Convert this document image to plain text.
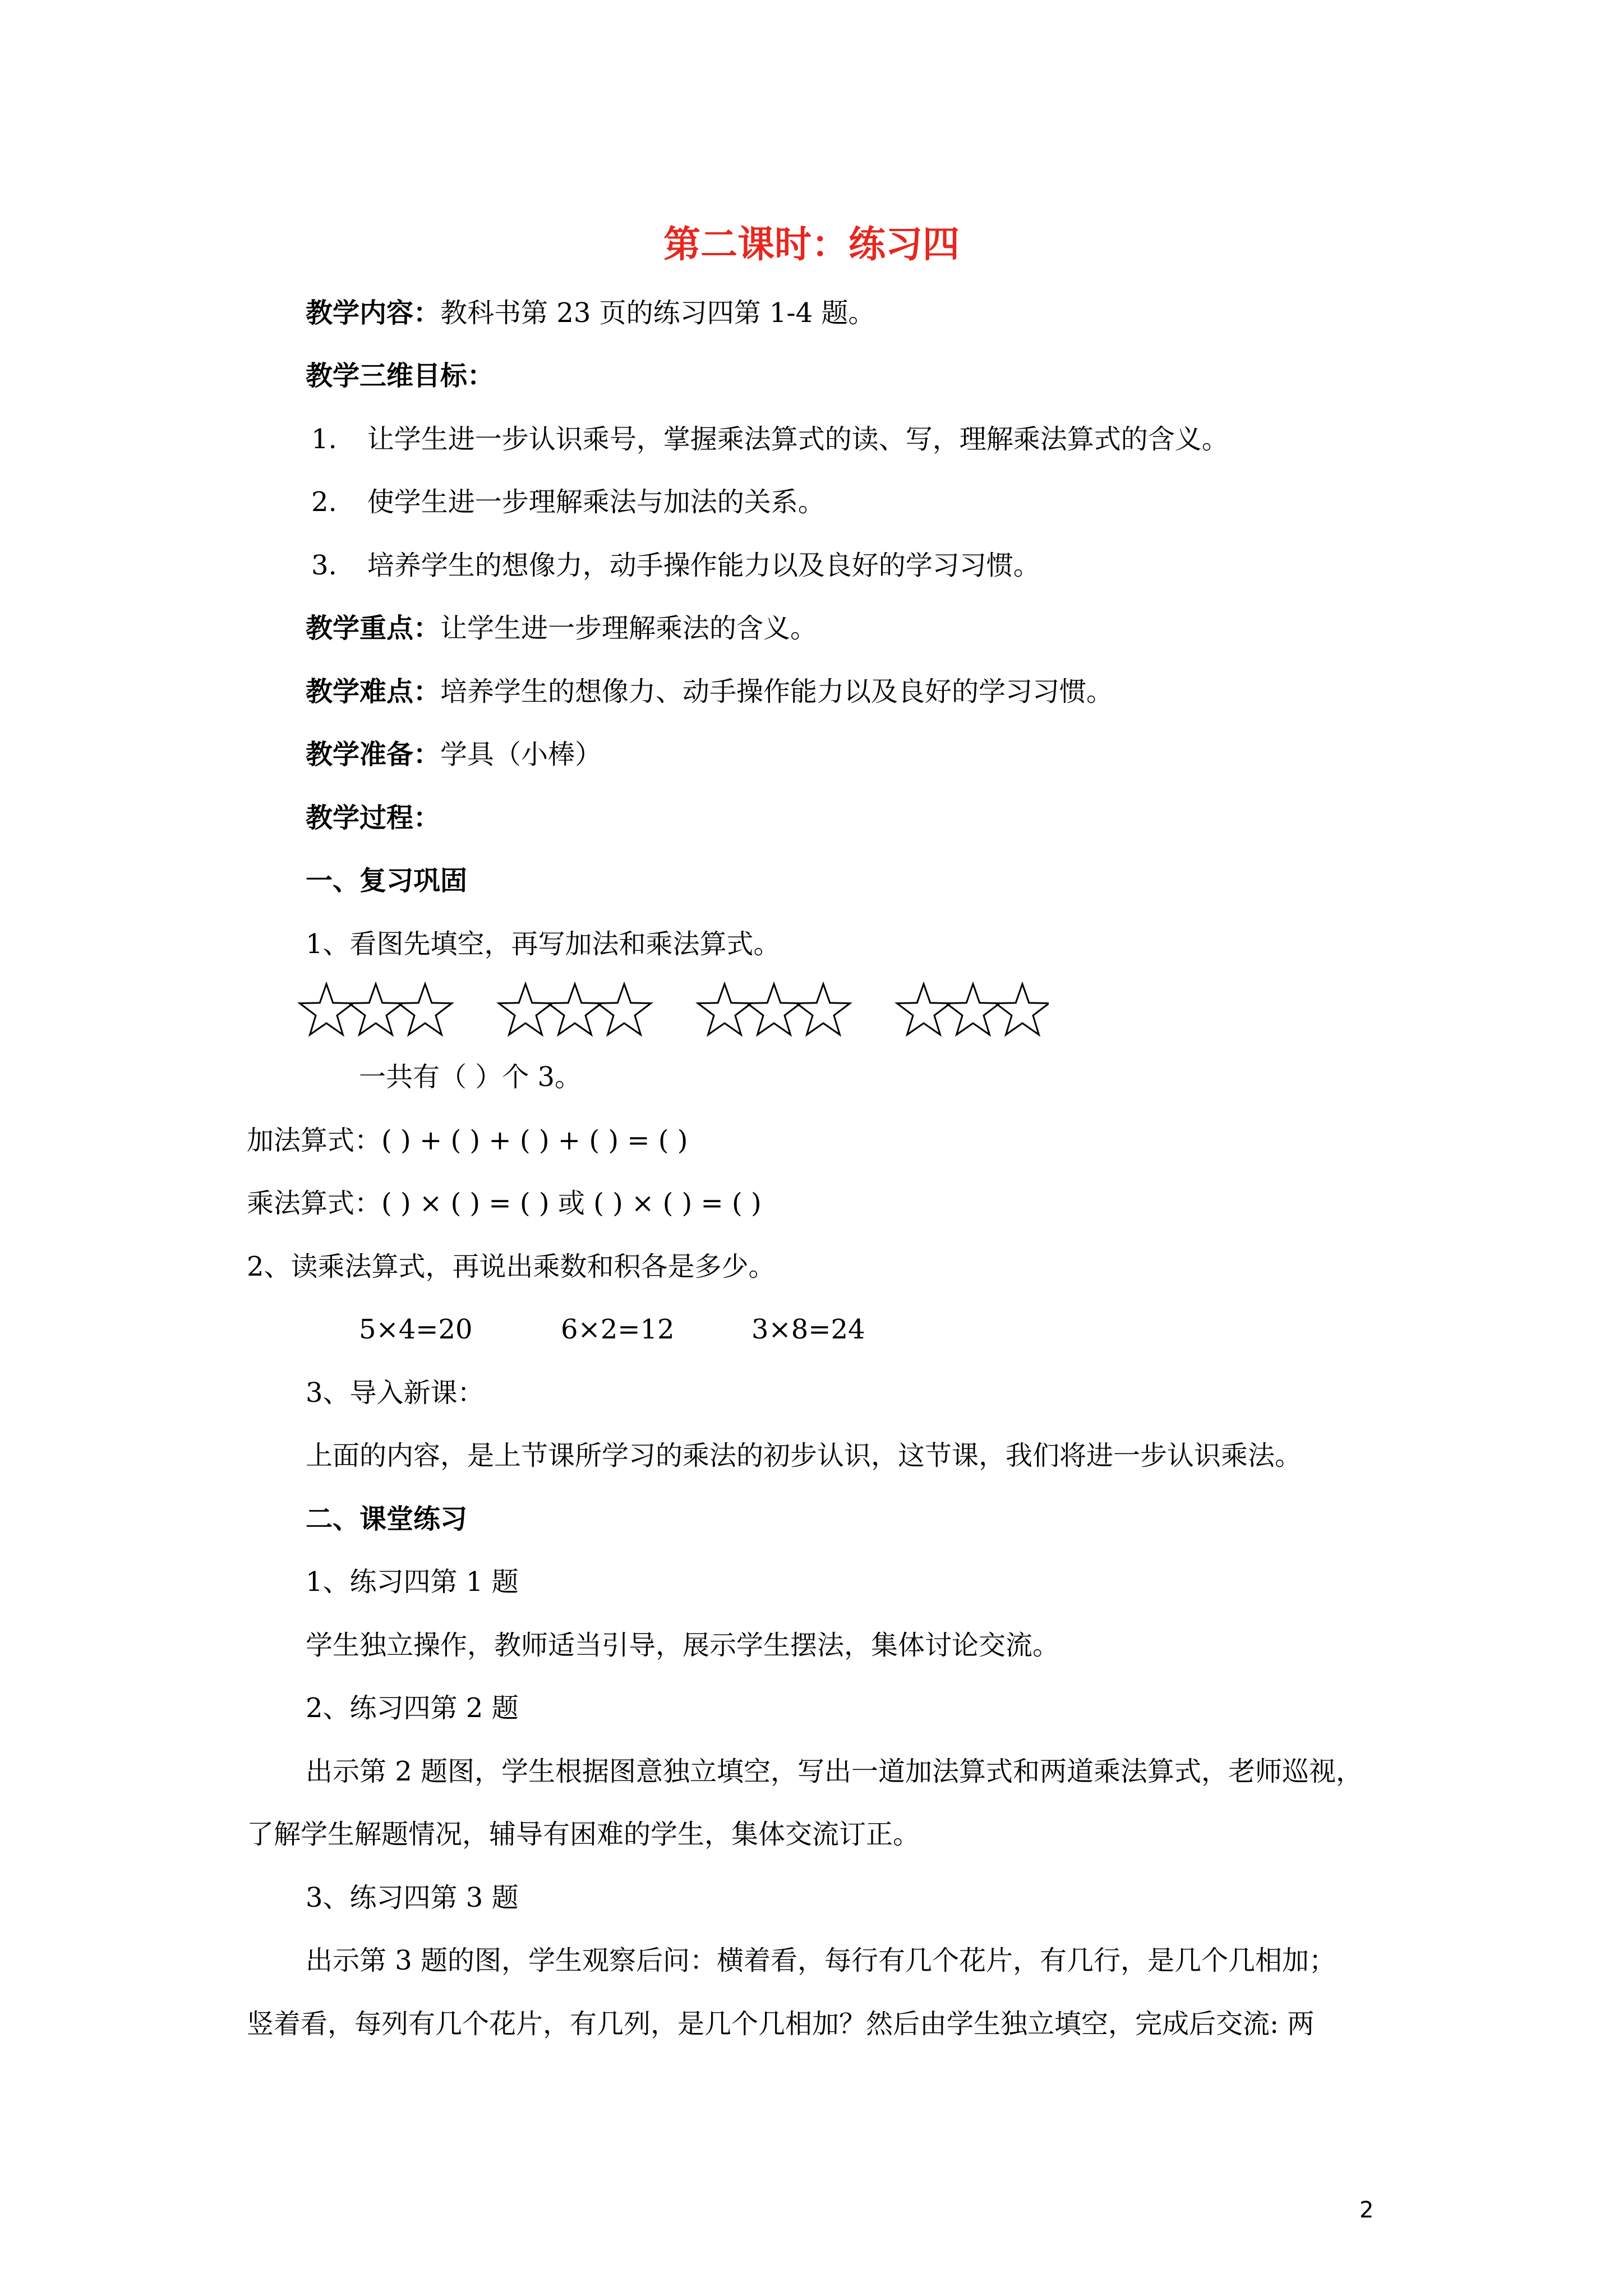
第二课时：练习四
教学内容：教科书第 23 页的练习四第 1-4 题。
教学三维目标：
1. 让学生进一步认识乘号，掌握乘法算式的读、写，理解乘法算式的含义。
2. 使学生进一步理解乘法与加法的关系。
3. 培养学生的想像力，动手操作能力以及良好的学习习惯。
教学重点：让学生进一步理解乘法的含义。
教学难点：培养学生的想像力、动手操作能力以及良好的学习习惯。
教学准备：学具（小棒）
教学过程：
一、复习巩固
1、看图先填空，再写加法和乘法算式。
一共有（ ）个 3。
加法算式：( ) + ( ) + ( ) + ( ) = ( )
乘法算式：( ) × ( ) = ( ) 或 ( ) × ( ) = ( )
2、读乘法算式，再说出乘数和积各是多少。
5×4=20	6×2=12	3×8=24
3、导入新课：
上面的内容，是上节课所学习的乘法的初步认识，这节课，我们将进一步认识乘法。
二、课堂练习
1、练习四第 1 题
学生独立操作，教师适当引导，展示学生摆法，集体讨论交流。
2、练习四第 2 题
出示第 2 题图，学生根据图意独立填空，写出一道加法算式和两道乘法算式，老师巡视，
了解学生解题情况，辅导有困难的学生，集体交流订正。
3、练习四第 3 题
出示第 3 题的图，学生观察后问：横着看，每行有几个花片，有几行，是几个几相加；
竖着看，每列有几个花片，有几列，是几个几相加？然后由学生独立填空，完成后交流: 两
2
